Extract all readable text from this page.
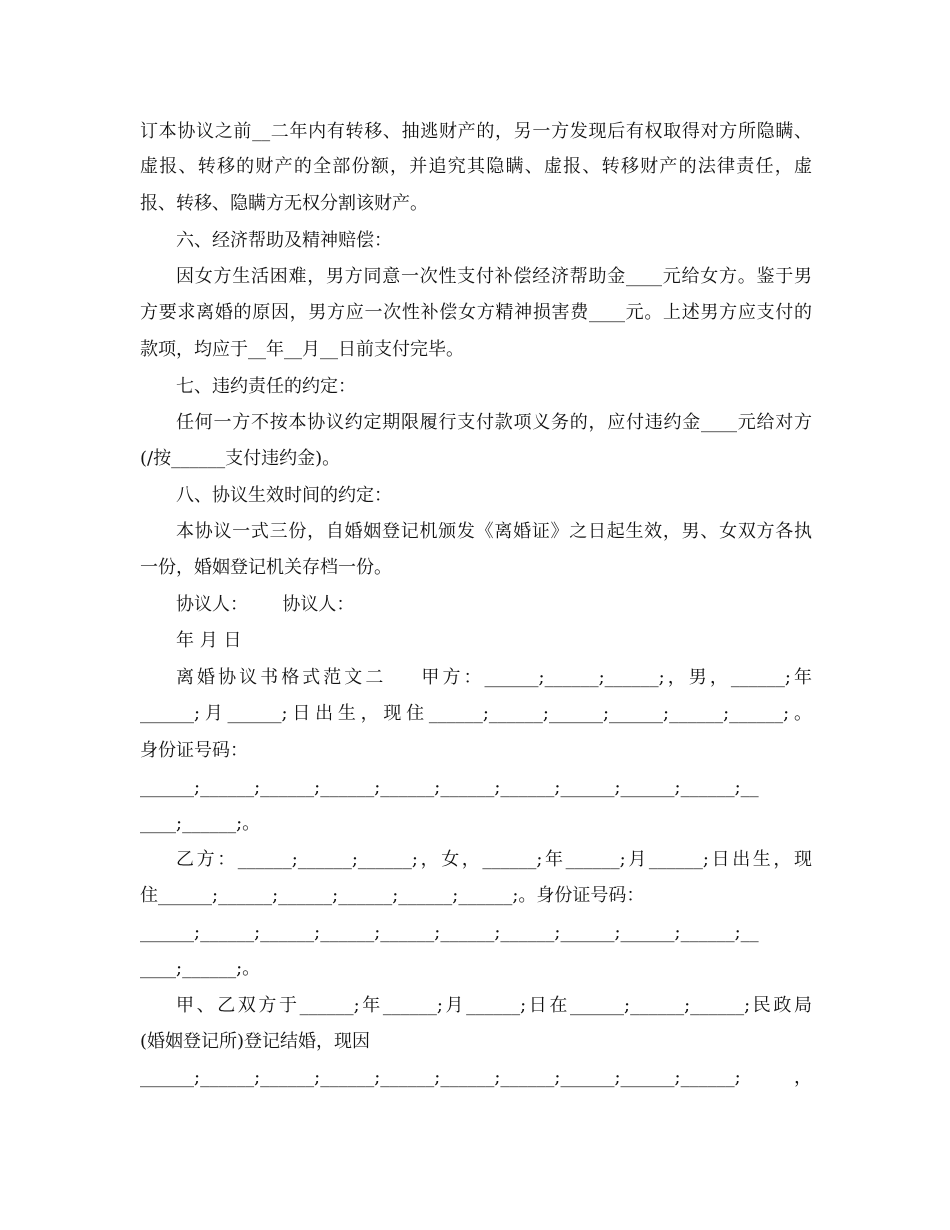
订本协议之前__二年内有转移、抽逃财产的，另一方发现后有权取得对方所隐瞒、
虚报、转移的财产的全部份额，并追究其隐瞒、虚报、转移财产的法律责任，虚
报、转移、隐瞒方无权分割该财产。
六、经济帮助及精神赔偿：
因女方生活困难，男方同意一次性支付补偿经济帮助金____元给女方。鉴于男
方要求离婚的原因，男方应一次性补偿女方精神损害费____元。上述男方应支付的
款项，均应于__年__月__日前支付完毕。
七、违约责任的约定：
任何一方不按本协议约定期限履行支付款项义务的，应付违约金____元给对方
(/按______支付违约金)。
八、协议生效时间的约定：
本协议一式三份，自婚姻登记机颁发《离婚证》之日起生效，男、女双方各执
一份，婚姻登记机关存档一份。
协议人：      协议人：
年 月 日
离婚协议书格式范文二    甲方：______;______;______;，男，______;年
______;月______;日出生，现住______;______;______;______;______;______;。
身份证号码：
______;______;______;______;______;______;______;______;______;______;__
____;______;。
乙方：______;______;______;，女，______;年______;月______;日出生，现
住______;______;______;______;______;______;。身份证号码：
______;______;______;______;______;______;______;______;______;______;__
____;______;。
甲、乙双方于______;年______;月______;日在______;______;______;民政局
(婚姻登记所)登记结婚，现因
______;______;______;______;______;______;______;______;______;______;，
